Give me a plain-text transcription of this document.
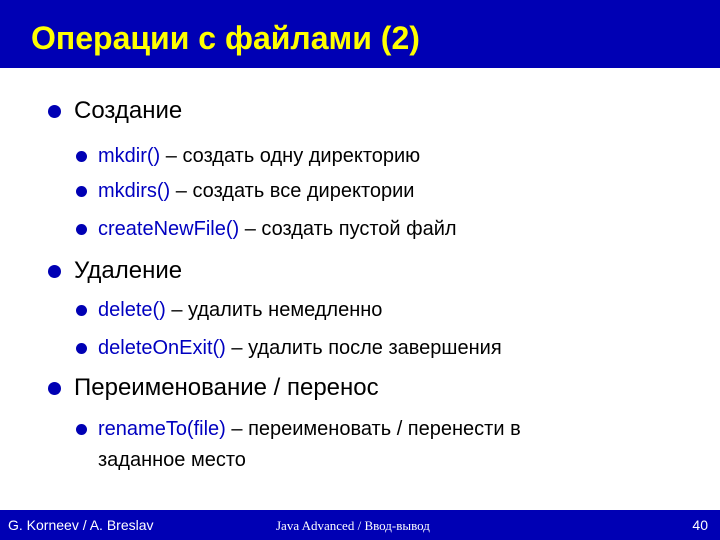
Операции с файлами (2)
Создание
mkdir() – создать одну директорию
mkdirs() – создать все директории
createNewFile() – создать пустой файл
Удаление
delete() – удалить немедленно
deleteOnExit() – удалить после завершения
Переименование / перенос
renameTo(file) – переименовать / перенести в
заданное место
G. Korneev / A. Breslav	Java Advanced / Ввод-вывод	40
